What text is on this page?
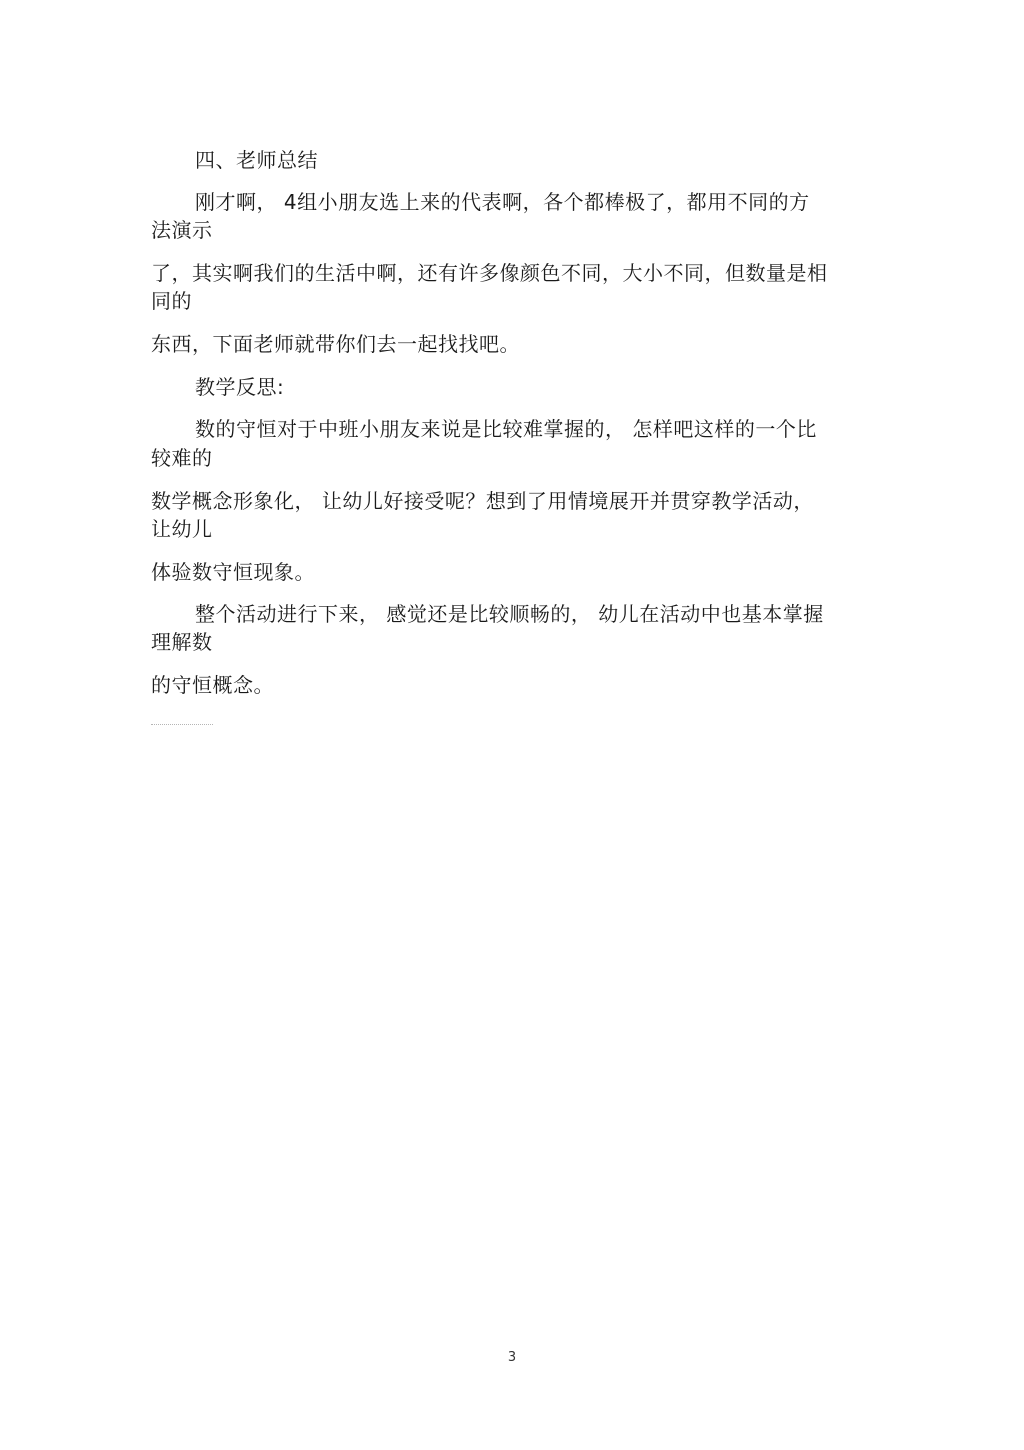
四、老师总结
刚才啊， 4组小朋友选上来的代表啊，各个都棒极了，都用不同的方
法演示
了，其实啊我们的生活中啊，还有许多像颜色不同，大小不同，但数量是相
同的
东西，下面老师就带你们去一起找找吧。
教学反思:
数的守恒对于中班小朋友来说是比较难掌握的， 怎样吧这样的一个比
较难的
数学概念形象化， 让幼儿好接受呢？想到了用情境展开并贯穿教学活动，
让幼儿
体验数守恒现象。
整个活动进行下来， 感觉还是比较顺畅的， 幼儿在活动中也基本掌握
理解数
的守恒概念。
3
